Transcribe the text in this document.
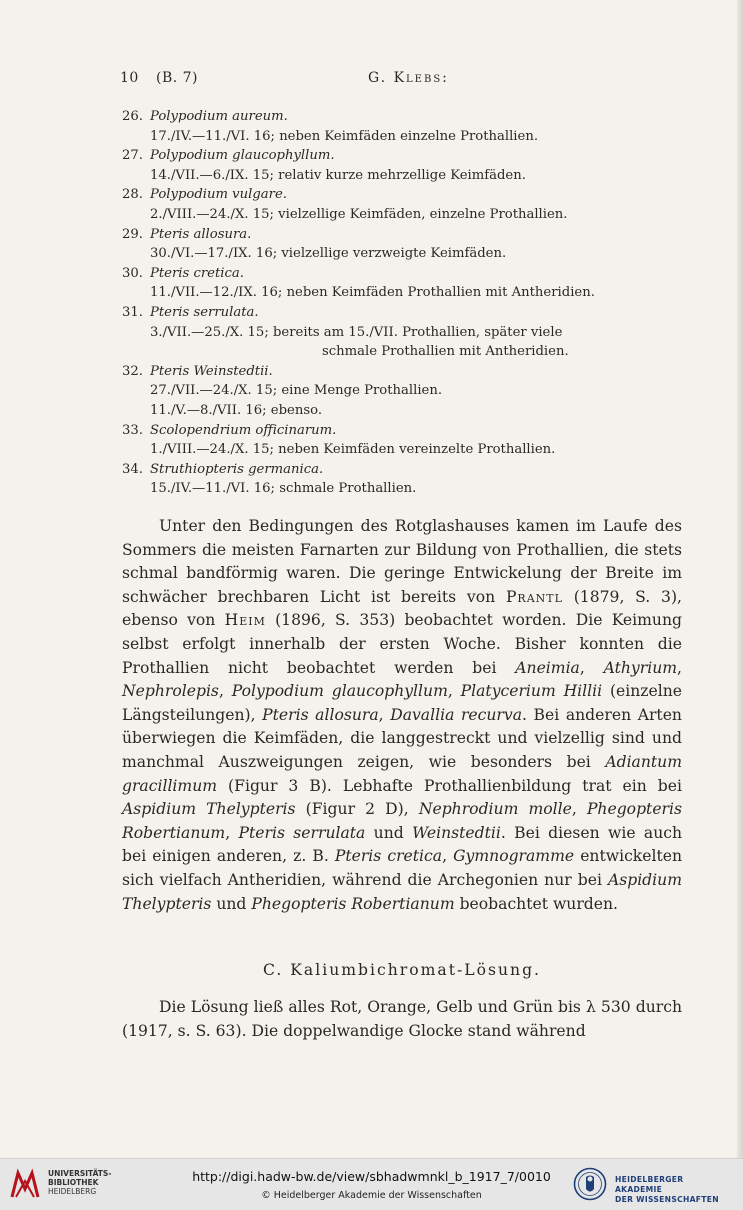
10 (B. 7)	G. Klebs:
26. Polypodium aureum.
17./IV.—11./VI. 16; neben Keimfäden einzelne Prothallien.
27. Polypodium glaucophyllum.
14./VII.—6./IX. 15; relativ kurze mehrzellige Keimfäden.
28. Polypodium vulgare.
2./VIII.—24./X. 15; vielzellige Keimfäden, einzelne Prothallien.
29. Pteris allosura.
30./VI.—17./IX. 16; vielzellige verzweigte Keimfäden.
30. Pteris cretica.
11./VII.—12./IX. 16; neben Keimfäden Prothallien mit Antheridien.
31. Pteris serrulata.
3./VII.—25./X. 15; bereits am 15./VII. Prothallien, später viele
schmale Prothallien mit Antheridien.
32. Pteris Weinstedtii.
27./VII.—24./X. 15; eine Menge Prothallien.
11./V.—8./VII. 16; ebenso.
33. Scolopendrium officinarum.
1./VIII.—24./X. 15; neben Keimfäden vereinzelte Prothallien.
34. Struthiopteris germanica.
15./IV.—11./VI. 16; schmale Prothallien.

Unter den Bedingungen des Rotglashauses kamen im Laufe des Sommers die meisten Farnarten zur Bildung von Prothallien, die stets schmal bandförmig waren. Die geringe Entwickelung der Breite im schwächer brechbaren Licht ist bereits von Prantl (1879, S. 3), ebenso von Heim (1896, S. 353) beobachtet worden. Die Keimung selbst erfolgt innerhalb der ersten Woche. Bisher konnten die Prothallien nicht beobachtet werden bei Aneimia, Athyrium, Nephrolepis, Polypodium glaucophyllum, Platycerium Hillii (einzelne Längsteilungen), Pteris allosura, Davallia recurva. Bei anderen Arten überwiegen die Keimfäden, die langgestreckt und vielzellig sind und manchmal Auszweigungen zeigen, wie besonders bei Adiantum gracillimum (Figur 3 B). Lebhafte Prothallienbildung trat ein bei Aspidium Thelypteris (Figur 2 D), Nephrodium molle, Phegopteris Robertianum, Pteris serrulata und Weinstedtii. Bei diesen wie auch bei einigen anderen, z. B. Pteris cretica, Gymnogramme entwickelten sich vielfach Antheridien, während die Archegonien nur bei Aspidium Thelypteris und Phegopteris Robertianum beobachtet wurden.

C. Kaliumbichromat-Lösung.

Die Lösung ließ alles Rot, Orange, Gelb und Grün bis λ 530 durch (1917, s. S. 63). Die doppelwandige Glocke stand während

UNIVERSITÄTS-
BIBLIOTHEK
HEIDELBERG
http://digi.hadw-bw.de/view/sbhadwmnkl_b_1917_7/0010
© Heidelberger Akademie der Wissenschaften
HEIDELBERGER AKADEMIE
DER WISSENSCHAFTEN
